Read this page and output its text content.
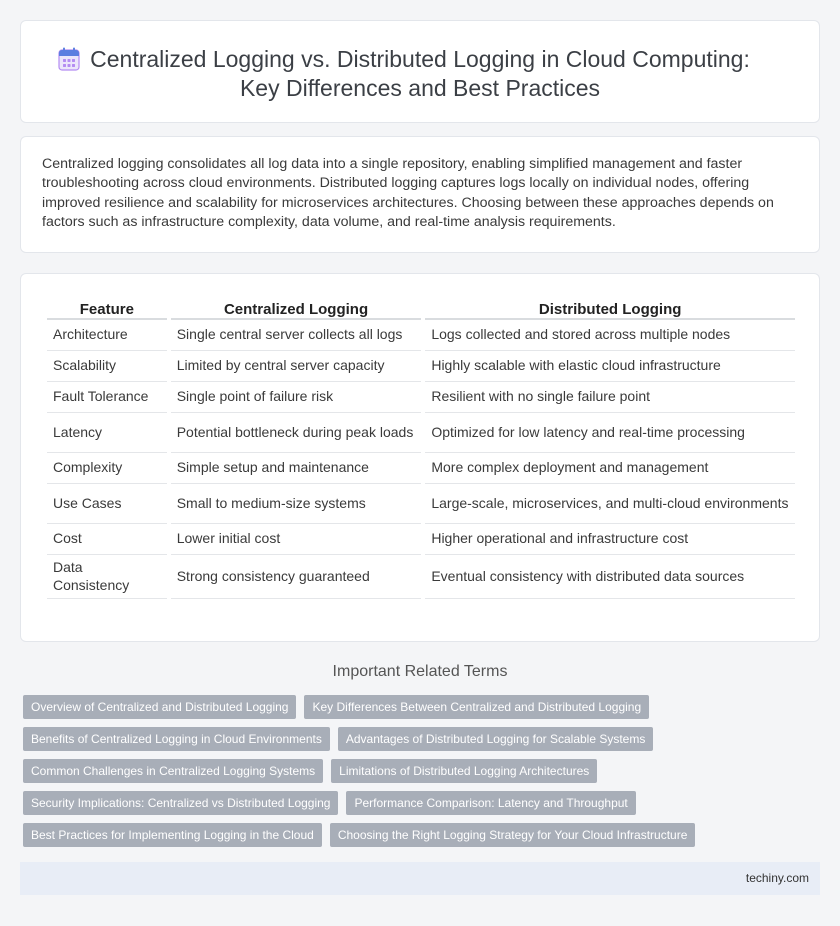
Centralized Logging vs. Distributed Logging in Cloud Computing:
Key Differences and Best Practices

Centralized logging consolidates all log data into a single repository, enabling simplified management and faster troubleshooting across cloud environments. Distributed logging captures logs locally on individual nodes, offering improved resilience and scalability for microservices architectures. Choosing between these approaches depends on factors such as infrastructure complexity, data volume, and real-time analysis requirements.

Feature	Centralized Logging	Distributed Logging
Architecture	Single central server collects all logs	Logs collected and stored across multiple nodes
Scalability	Limited by central server capacity	Highly scalable with elastic cloud infrastructure
Fault Tolerance	Single point of failure risk	Resilient with no single failure point
Latency	Potential bottleneck during peak loads	Optimized for low latency and real-time processing
Complexity	Simple setup and maintenance	More complex deployment and management
Use Cases	Small to medium-size systems	Large-scale, microservices, and multi-cloud environments
Cost	Lower initial cost	Higher operational and infrastructure cost
Data Consistency	Strong consistency guaranteed	Eventual consistency with distributed data sources
Important Related Terms
Overview of Centralized and Distributed Logging	Key Differences Between Centralized and Distributed Logging
Benefits of Centralized Logging in Cloud Environments	Advantages of Distributed Logging for Scalable Systems
Common Challenges in Centralized Logging Systems	Limitations of Distributed Logging Architectures
Security Implications: Centralized vs Distributed Logging	Performance Comparison: Latency and Throughput
Best Practices for Implementing Logging in the Cloud	Choosing the Right Logging Strategy for Your Cloud Infrastructure
techiny.com
